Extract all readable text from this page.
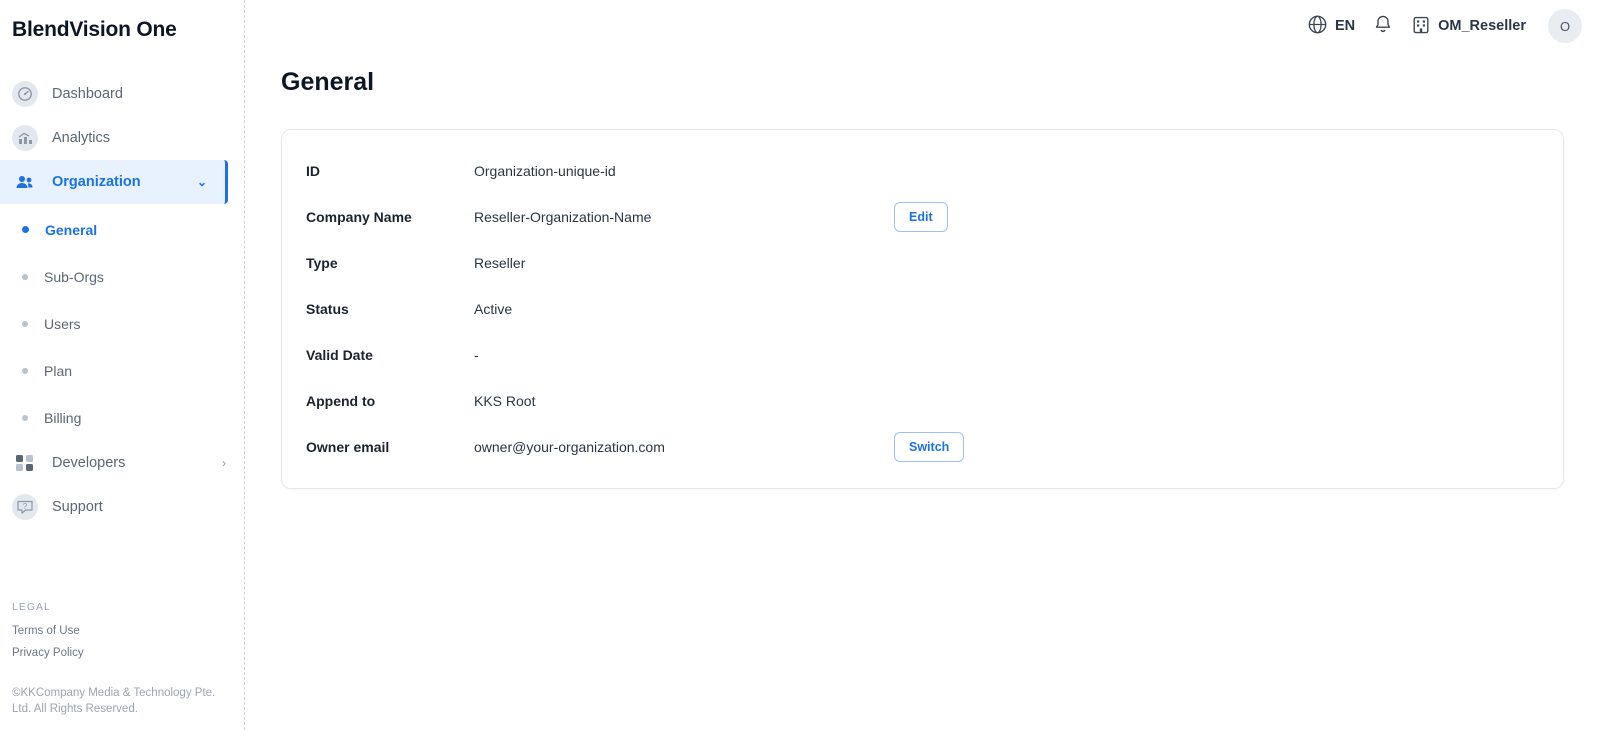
BlendVision One
Dashboard
Analytics
Organization	⌄
General
Sub-Orgs
Users
Plan
Billing
Developers	›
? Support
LEGAL
Terms of Use
Privacy Policy
©KKCompany Media & Technology Pte. Ltd. All Rights Reserved.
EN	OM_Reseller	O
General
ID	Organization-unique-id
Company Name	Reseller-Organization-Name	Edit
Type	Reseller
Status	Active
Valid Date	-
Append to	KKS Root
Owner email	owner@your-organization.com	Switch
